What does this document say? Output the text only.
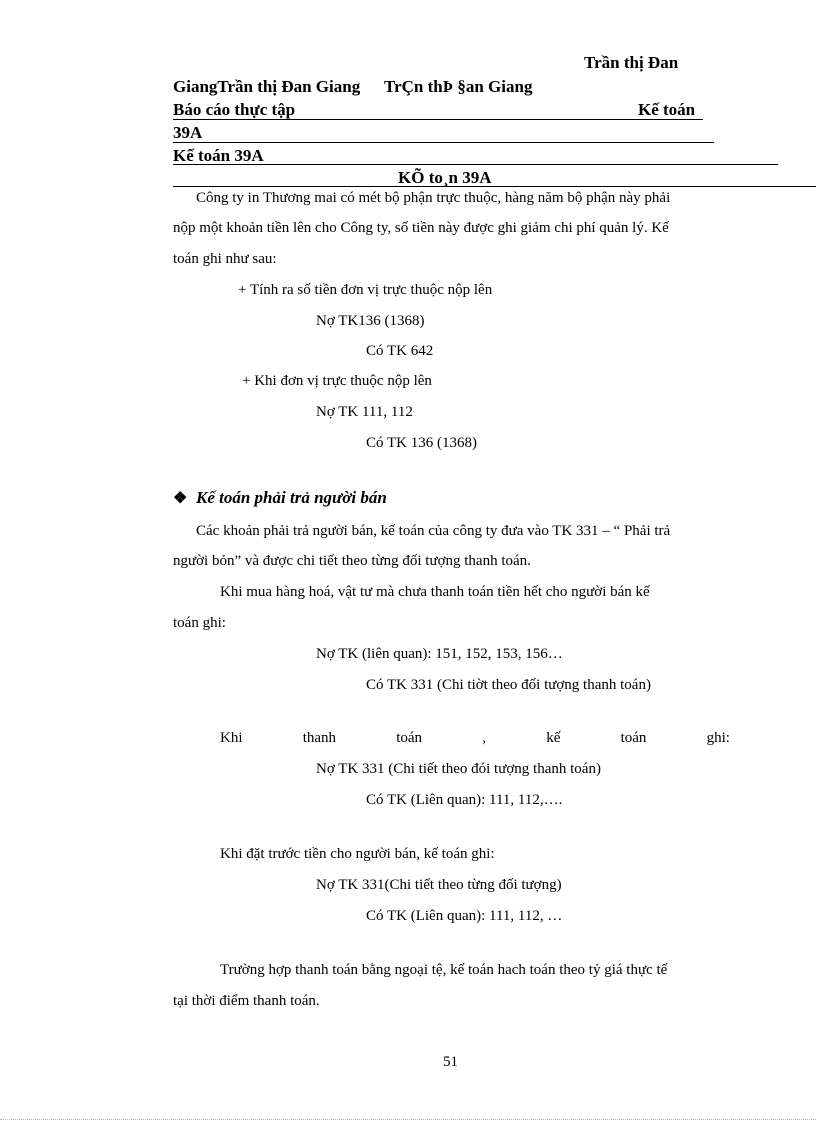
Trần thị Đan
GiangTrần thị Đan Giang TrÇn thÞ §an Giang
Báo cáo thực tập	Kế toán
39A
Kế toán 39A
KÕ to¸n 39A
Công ty in Thương mai có mét bộ phận trực thuộc, hàng năm bộ phận này phải
nộp một khoản tiền lên cho Công ty, số tiền này được ghi giảm chi phí quản lý. Kế
toán ghi như sau:
+ Tính ra số tiền đơn vị trực thuộc nộp lên
Nợ TK136 (1368)
Có TK 642
+ Khi đơn vị trực thuộc nộp lên
Nợ TK 111, 112
Có TK 136 (1368)
❖ Kế toán phải trả người bán
Các khoản phải trả người bán, kế toán của công ty đưa vào TK 331 – “ Phải trả
người bỏn” và được chi tiết theo từng đối tượng thanh toán.
Khi mua hàng hoá, vật tư mà chưa thanh toán tiền hết cho người bán kế
toán ghi:
Nợ TK (liên quan): 151, 152, 153, 156…
Có TK 331 (Chi tiờt theo đối tượng thanh toán)
Khi	thanh	toán	,	kế	toán	ghi:
Nợ TK 331 (Chi tiết theo đói tượng thanh toán)
Có TK (Liên quan): 111, 112,….
Khi đặt trước tiền cho người bán, kế toán ghi:
Nợ TK 331(Chi tiết theo từng đối tượng)
Có TK (Liên quan): 111, 112, …
Trường hợp thanh toán bằng ngoại tệ, kế toán hach toán theo tỷ giá thực tế
tại thời điểm thanh toán.
51
